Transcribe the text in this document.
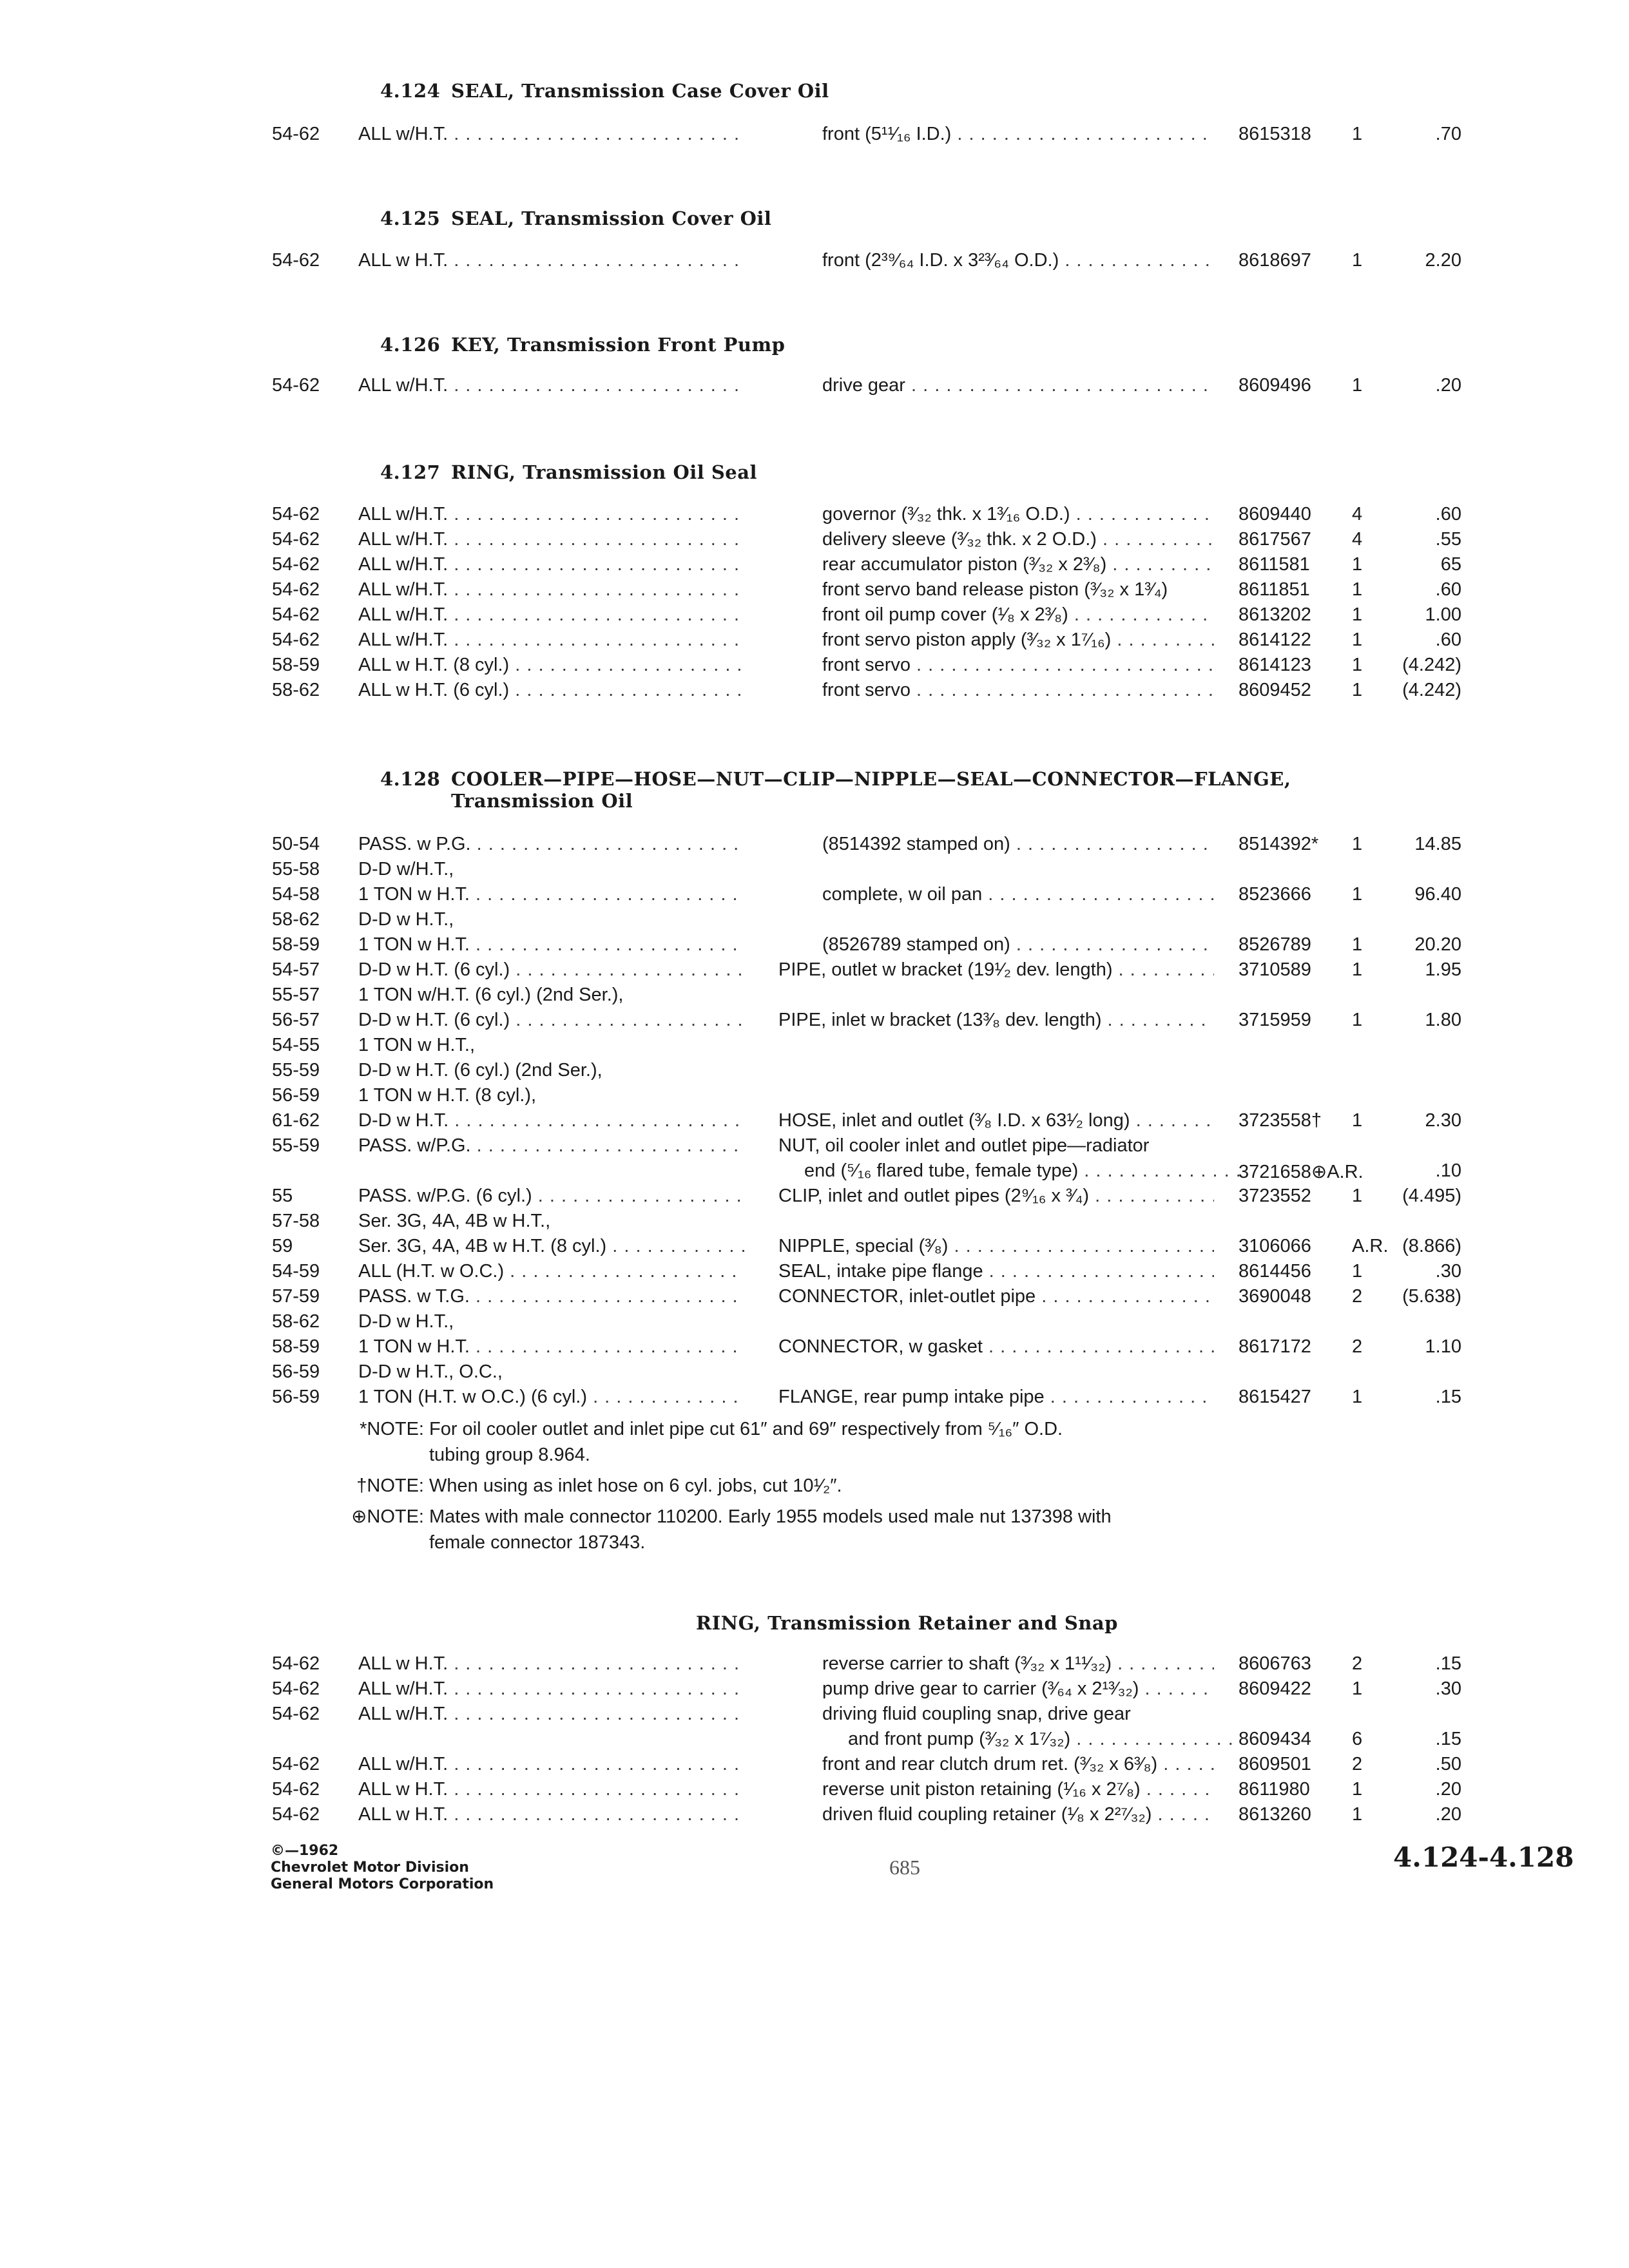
4.124 SEAL, Transmission Case Cover Oil
54-62 ALL w/H.T. . . .	front (5¹¹⁄₁₆ I.D.) . . .	8615318 1	.70
4.125 SEAL, Transmission Cover Oil
54-62 ALL w H.T. . . .	front (2³⁹⁄₆₄ I.D. x 3²³⁄₆₄ O.D.) . . .	8618697 1	2.20
4.126 KEY, Transmission Front Pump
54-62 ALL w/H.T. . . .	drive gear . . .	8609496 1	.20
4.127 RING, Transmission Oil Seal
54-62 ALL w/H.T. . . .	governor (³⁄₃₂ thk. x 1³⁄₁₆ O.D.) . . .	8609440 4	.60
54-62 ALL w/H.T. . . .	delivery sleeve (³⁄₃₂ thk. x 2 O.D.) . . .	8617567 4	.55
54-62 ALL w/H.T. . . .	rear accumulator piston (³⁄₃₂ x 2³⁄₈) . . .	8611581 1	65
54-62 ALL w/H.T. . . .	front servo band release piston (³⁄₃₂ x 1³⁄₄)	8611851 1	.60
54-62 ALL w/H.T. . . .	front oil pump cover (¹⁄₈ x 2³⁄₈) . . .	8613202 1	1.00
54-62 ALL w/H.T. . . .	front servo piston apply (³⁄₃₂ x 1⁷⁄₁₆) . . .	8614122 1	.60
58-59 ALL w H.T. (8 cyl.) . . .	front servo . . .	8614123 1	(4.242)
58-62 ALL w H.T. (6 cyl.) . . .	front servo . . .	8609452 1	(4.242)
4.128 COOLER—PIPE—HOSE—NUT—CLIP—NIPPLE—SEAL—CONNECTOR—FLANGE,
Transmission Oil
50-54 PASS. w P.G. . . .	(8514392 stamped on) . . .	8514392* 1	14.85
55-58 D-D w/H.T.,
54-58 1 TON w H.T. . . .	complete, w oil pan . . .	8523666 1	96.40
58-62 D-D w H.T.,
58-59 1 TON w H.T. . . .	(8526789 stamped on) . . .	8526789 1	20.20
54-57 D-D w H.T. (6 cyl.) . . .	PIPE, outlet w bracket (19¹⁄₂ dev. length) . . .	3710589 1	1.95
55-57 1 TON w/H.T. (6 cyl.) (2nd Ser.),
56-57 D-D w H.T. (6 cyl.) . . .	PIPE, inlet w bracket (13³⁄₈ dev. length) . . .	3715959 1	1.80
54-55 1 TON w H.T.,
55-59 D-D w H.T. (6 cyl.) (2nd Ser.),
56-59 1 TON w H.T. (8 cyl.),
61-62 D-D w H.T. . . .	HOSE, inlet and outlet (³⁄₈ I.D. x 63¹⁄₂ long) . . .	3723558† 1	2.30
55-59 PASS. w/P.G. . . .	NUT, oil cooler inlet and outlet pipe—radiator
end (⁵⁄₁₆ flared tube, female type) . . .	3721658⊕A.R.	.10
55	PASS. w/P.G. (6 cyl.) . . .	CLIP, inlet and outlet pipes (2⁹⁄₁₆ x ³⁄₄) . . .	3723552 1	(4.495)
57-58 Ser. 3G, 4A, 4B w H.T.,
59	Ser. 3G, 4A, 4B w H.T. (8 cyl.) . . .	NIPPLE, special (³⁄₈) . . .	3106066 A.R. (8.866)
54-59 ALL (H.T. w O.C.) . . .	SEAL, intake pipe flange . . .	8614456 1	.30
57-59 PASS. w T.G. . . .	CONNECTOR, inlet-outlet pipe . . .	3690048 2	(5.638)
58-62 D-D w H.T.,
58-59 1 TON w H.T. . . .	CONNECTOR, w gasket . . .	8617172 2	1.10
56-59 D-D w H.T., O.C.,
56-59 1 TON (H.T. w O.C.) (6 cyl.) . . .	FLANGE, rear pump intake pipe . . .	8615427 1	.15
*NOTE: For oil cooler outlet and inlet pipe cut 61″ and 69″ respectively from ⁵⁄₁₆″ O.D.
tubing group 8.964.
†NOTE: When using as inlet hose on 6 cyl. jobs, cut 10¹⁄₂″.
⊕NOTE: Mates with male connector 110200. Early 1955 models used male nut 137398 with
female connector 187343.
RING, Transmission Retainer and Snap
54-62 ALL w H.T. . . .	reverse carrier to shaft (³⁄₃₂ x 1¹¹⁄₃₂) . . .	8606763 2	.15
54-62 ALL w/H.T. . . .	pump drive gear to carrier (³⁄₆₄ x 2¹³⁄₃₂) . . .	8609422 1	.30
54-62 ALL w/H.T. . . .	driving fluid coupling snap, drive gear
and front pump (³⁄₃₂ x 1⁷⁄₃₂) . . .	8609434 6	.15
54-62 ALL w/H.T. . . .	front and rear clutch drum ret. (³⁄₃₂ x 6³⁄₈) . . .	8609501 2	.50
54-62 ALL w H.T. . . .	reverse unit piston retaining (¹⁄₁₆ x 2⁷⁄₈) . . .	8611980 1	.20
54-62 ALL w H.T. . . .	driven fluid coupling retainer (¹⁄₈ x 2²⁷⁄₃₂) . . .	8613260 1	.20
©—1962
Chevrolet Motor Division
General Motors Corporation
685	4.124-4.128
